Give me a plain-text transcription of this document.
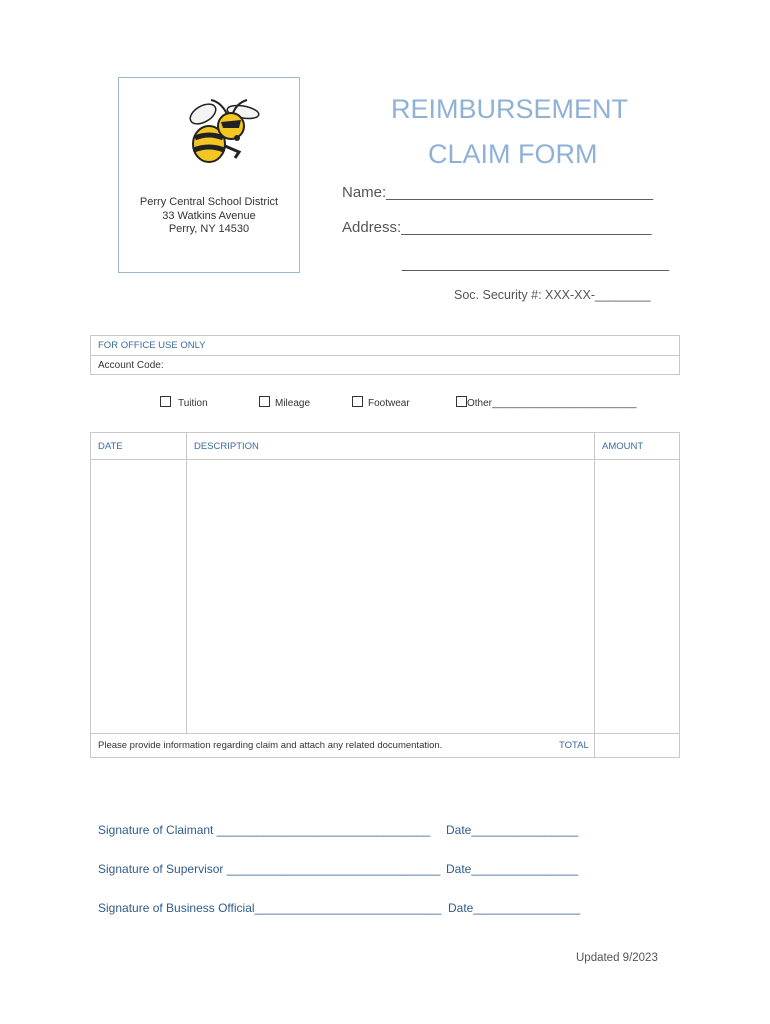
Perry Central School District
33 Watkins Avenue
Perry, NY 14530
REIMBURSEMENT
CLAIM FORM
Name:________________________________
Address:______________________________
________________________________
Soc. Security #: XXX-XX-________
FOR OFFICE USE ONLY
Account Code:
Tuition	Mileage	Footwear	Other__________________________
DATE	DESCRIPTION	AMOUNT
Please provide information regarding claim and attach any related documentation.	TOTAL
Signature of Claimant ________________________________ Date________________
Signature of Supervisor ________________________________ Date________________
Signature of Business Official____________________________ Date________________
Updated 9/2023
